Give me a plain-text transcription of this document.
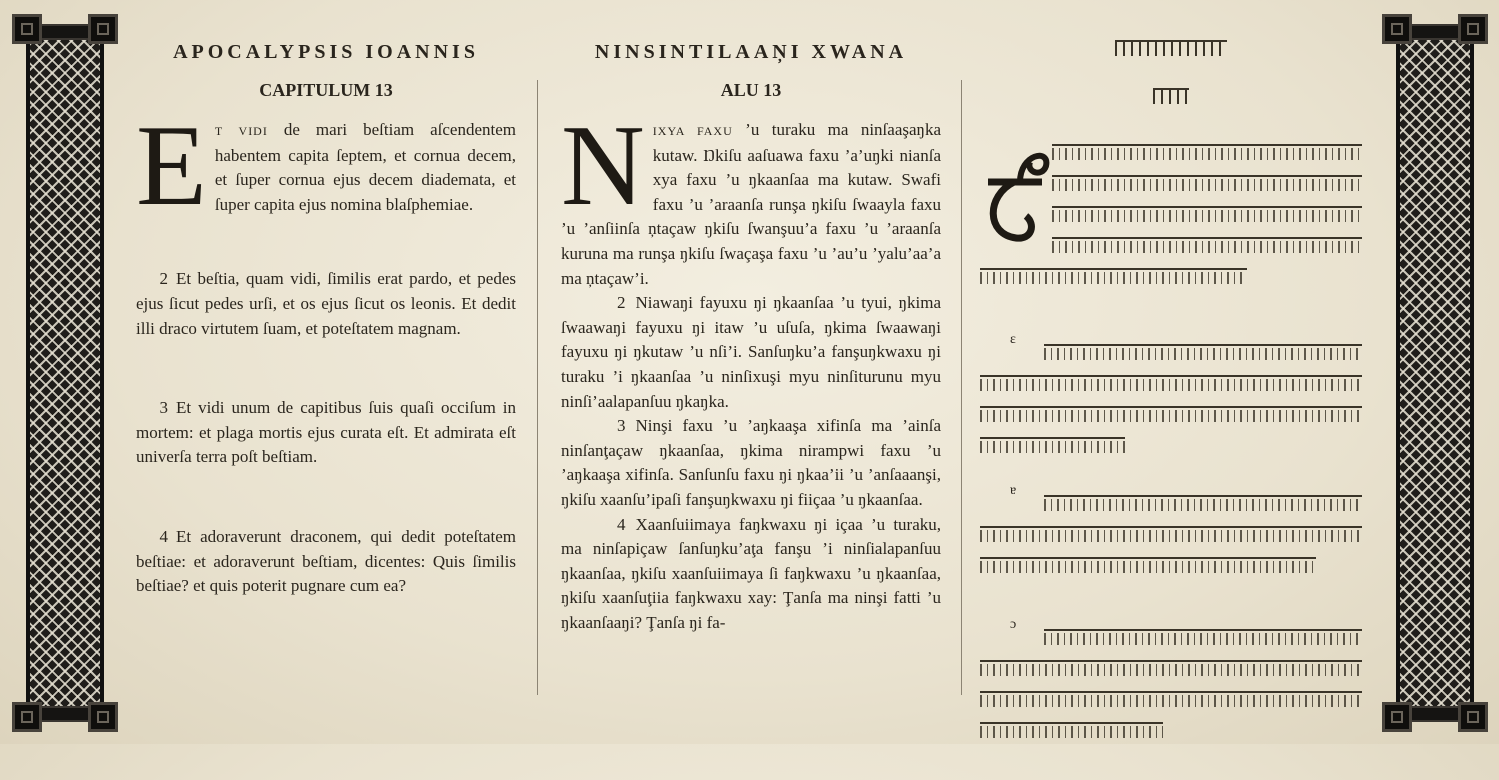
APOCALYPSIS IOANNIS
CAPITULUM 13

E T VIDI de mari beſtiam aſcendentem habentem capita ſeptem, et cornua decem, et ſuper cornua ejus decem diademata, et ſuper capita ejus nomina blaſphemiae.

2 Et beſtia, quam vidi, ſimilis erat pardo, et pedes ejus ſicut pedes urſi, et os ejus ſicut os leonis. Et dedit illi draco virtutem ſuam, et poteſtatem magnam.

3 Et vidi unum de capitibus ſuis quaſi occiſum in mortem: et plaga mortis ejus curata eſt. Et admirata eſt univerſa terra poſt beſtiam.

4 Et adoraverunt draconem, qui dedit poteſtatem beſtiae: et adoraverunt beſtiam, dicentes: Quis ſimilis beſtiae? et quis poterit pugnare cum ea?

NINSINTILAAŅI XWANA
ALU 13

NIXYA FAXU ’u turaku ma ninſaaşaŋka kutaw. Ŋkiſu aaſuawa faxu ’a’uŋki nianſa xya faxu ’u ŋkaanſaa ma kutaw. Swafi faxu ’u ’araanſa runşa ŋkiſu ſwaayla faxu ’u ’anſiinſa ņtaçaw ŋkiſu ſwanşuu’a faxu ’u ’araanſa kuruna ma runşa ŋkiſu ſwaçaşa faxu ’u ’au’u ’yalu’aa’a ma ņtaçaw’i.

2 Niawaŋi fayuxu ŋi ŋkaanſaa ’u tyui, ŋkima ſwaawaŋi fayuxu ŋi itaw ’u uſuſa, ŋkima ſwaawaŋi fayuxu ŋi ŋkutaw ’u nſi’i. Sanſuŋku’a fanşuŋkwaxu ŋi turaku ’i ŋkaanſaa ’u ninſixuşi myu ninſiturunu myu ninſi’aalapanſuu ŋkaŋka.

3 Ninşi faxu ’u ’aŋkaaşa xifinſa ma ’ainſa ninſanţaçaw ŋkaanſaa, ŋkima nirampwi faxu ’u ’aŋkaaşa xifinſa. Sanſunſu faxu ŋi ŋkaa’ii ’u ’anſaaanşi, ŋkiſu xaanſu’ipaſi fanşuŋkwaxu ŋi fiiçaa ’u ŋkaanſaa.

4 Xaanſuiimaya faŋkwaxu ŋi içaa ’u turaku, ma ninſapiçaw ſanſuŋku’aţa fanşu ’i ninſialapanſuu ŋkaanſaa, ŋkiſu xaanſuiimaya ſi faŋkwaxu ’u ŋkaanſaa, ŋkiſu xaanſuţiia faŋkwaxu xay: Ţanſa ma ninşi fatti ’u ŋkaanſaaŋi? Ţanſa ŋi fa-

ɛ
ɐ
ɔ
